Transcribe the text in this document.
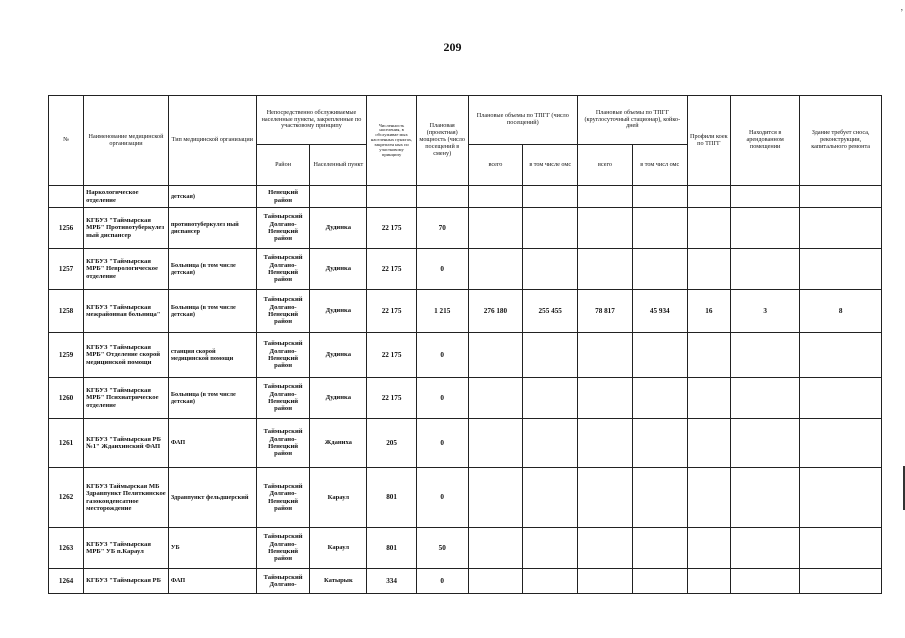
209
,
№	Наименование медицинской организации	Тип медицинской организации	Непосредственно обслуживаемые населенные пункты, закрепленные по участковому принципу		Численность населения, в обслуживае мых населенных пунктах, закреплен ных по участковому принципу	Плановая (проектная) мощность (число посещений в смену)	Плановые объемы по ТПГГ (число посещений)		Плановые объемы по ТПГГ (круглосуточный стационар), койко-дней		Профили коек по ТПГГ	Находится в арендованном помещении	Здание требует сноса, реконструкции, капитального ремонта
			Район	Населенный пункт			всего	в том числе омс	всего	в том числ омс			
	Наркологическое отделение	детская)	Ненецкий район										
1256	КГБУЗ "Таймырская МРБ" Противотуберкулез ный диспансер	противотуберкулез ный диспансер	Таймырский Долгано-Ненецкий район	Дудинка	22 175	70							
1257	КГБУЗ "Таймырская МРБ" Неврологическое отделение	Больница (в том числе детская)	Таймырский Долгано-Ненецкий район	Дудинка	22 175	0							
1258	КГБУЗ "Таймырская межрайонная больница"	Больница (в том числе детская)	Таймырский Долгано-Ненецкий район	Дудинка	22 175	1 215	276 180	255 455	78 817	45 934	16	3	8
1259	КГБУЗ "Таймырская МРБ" Отделение скорой медицинской помощи	станция скорой медицинской помощи	Таймырский Долгано-Ненецкий район	Дудинка	22 175	0							
1260	КГБУЗ "Таймырская МРБ" Психиатрическое отделение	Больница (в том числе детская)	Таймырский Долгано-Ненецкий район	Дудинка	22 175	0							
1261	КГБУЗ "Таймырская РБ №1" Ждаихинский ФАП	ФАП	Таймырский Долгано-Ненецкий район	Жданиха	205	0							
1262	КГБУЗ Таймырская МБ Здравпункт Пеляткинское газоконденсатное месторождение	Здравпункт фельдшерский	Таймырский Долгано-Ненецкий район	Караул	801	0							
1263	КГБУЗ "Таймырская МРБ" УБ п.Караул	УБ	Таймырский Долгано-Ненецкий район	Караул	801	50							
1264	КГБУЗ "Таймырская РБ	ФАП	Таймырский Долгано-	Катырык	334	0							
